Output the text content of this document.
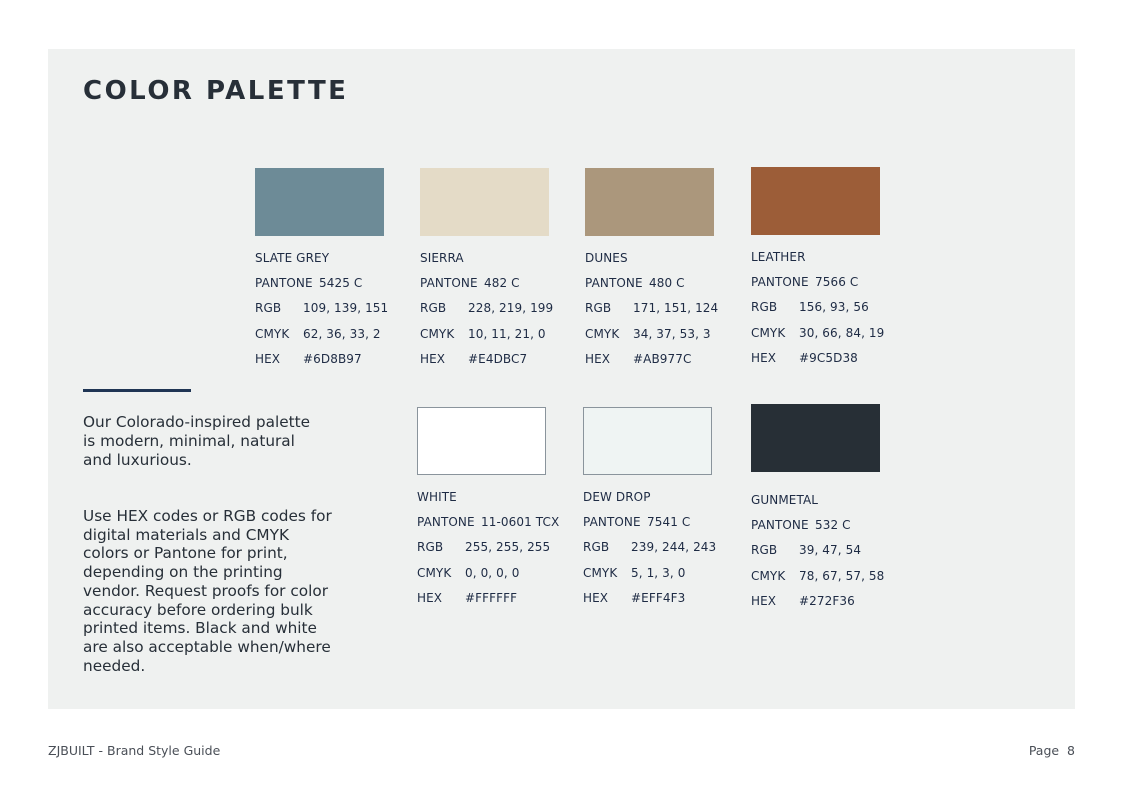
COLOR PALETTE
SLATE GREY
PANTONE 5425 C
RGB 109, 139, 151
CMYK 62, 36, 33, 2
HEX #6D8B97
SIERRA
PANTONE 482 C
RGB 228, 219, 199
CMYK 10, 11, 21, 0
HEX #E4DBC7
DUNES
PANTONE 480 C
RGB 171, 151, 124
CMYK 34, 37, 53, 3
HEX #AB977C
LEATHER
PANTONE 7566 C
RGB 156, 93, 56
CMYK 30, 66, 84, 19
HEX #9C5D38
WHITE
PANTONE 11-0601 TCX
RGB 255, 255, 255
CMYK 0, 0, 0, 0
HEX #FFFFFF
DEW DROP
PANTONE 7541 C
RGB 239, 244, 243
CMYK 5, 1, 3, 0
HEX #EFF4F3
GUNMETAL
PANTONE 532 C
RGB 39, 47, 54
CMYK 78, 67, 57, 58
HEX #272F36
Our Colorado-inspired palette is modern, minimal, natural and luxurious.
Use HEX codes or RGB codes for digital materials and CMYK colors or Pantone for print, depending on the printing vendor. Request proofs for color accuracy before ordering bulk printed items. Black and white are also acceptable when/where needed.
ZJBUILT - Brand Style Guide	Page  8
